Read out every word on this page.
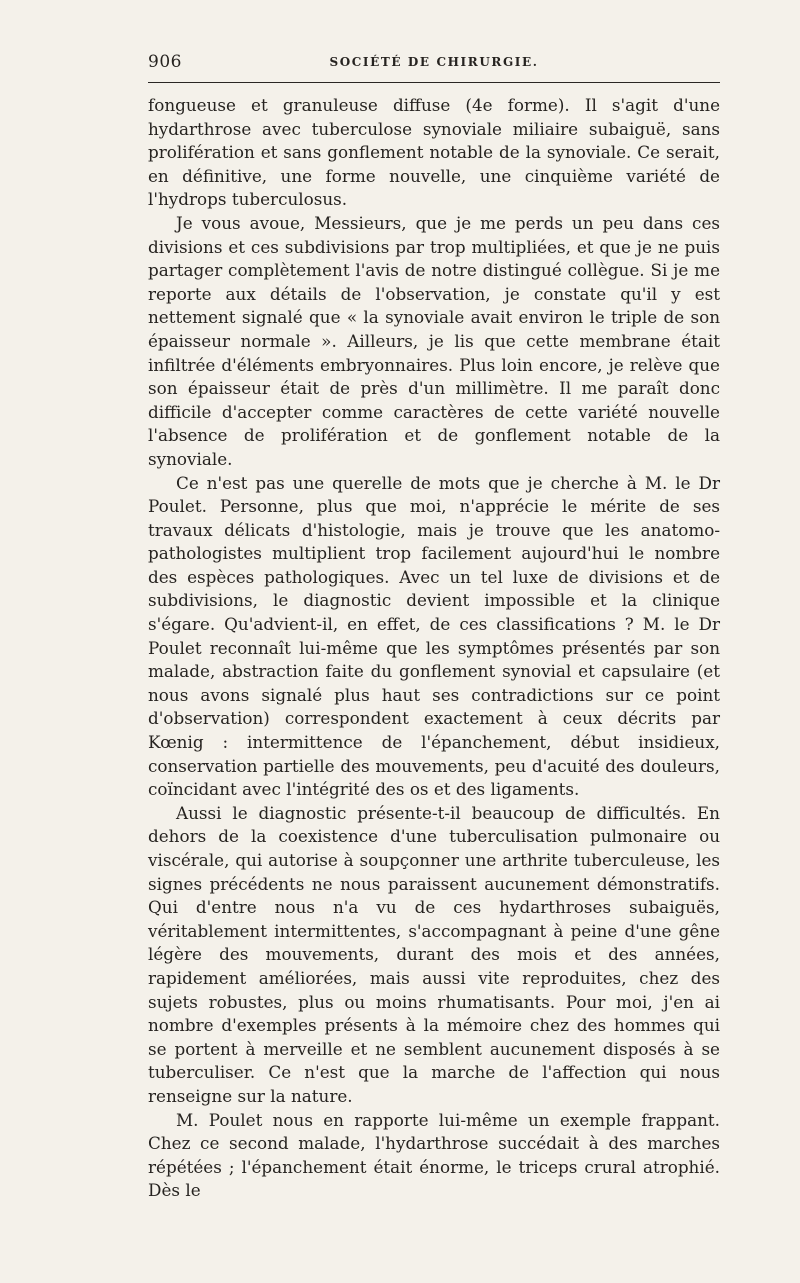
906	SOCIÉTÉ DE CHIRURGIE.

fongueuse et granuleuse diffuse (4e forme). Il s'agit d'une hydarthrose avec tuberculose synoviale miliaire subaiguë, sans prolifération et sans gonflement notable de la synoviale. Ce serait, en définitive, une forme nouvelle, une cinquième variété de l'hydrops tuberculosus.

Je vous avoue, Messieurs, que je me perds un peu dans ces divisions et ces subdivisions par trop multipliées, et que je ne puis partager complètement l'avis de notre distingué collègue. Si je me reporte aux détails de l'observation, je constate qu'il y est nettement signalé que « la synoviale avait environ le triple de son épaisseur normale ». Ailleurs, je lis que cette membrane était infiltrée d'éléments embryonnaires. Plus loin encore, je relève que son épaisseur était de près d'un millimètre. Il me paraît donc difficile d'accepter comme caractères de cette variété nouvelle l'absence de prolifération et de gonflement notable de la synoviale.

Ce n'est pas une querelle de mots que je cherche à M. le Dr Poulet. Personne, plus que moi, n'apprécie le mérite de ses travaux délicats d'histologie, mais je trouve que les anatomo-pathologistes multiplient trop facilement aujourd'hui le nombre des espèces pathologiques. Avec un tel luxe de divisions et de subdivisions, le diagnostic devient impossible et la clinique s'égare. Qu'advient-il, en effet, de ces classifications ? M. le Dr Poulet reconnaît lui-même que les symptômes présentés par son malade, abstraction faite du gonflement synovial et capsulaire (et nous avons signalé plus haut ses contradictions sur ce point d'observation) correspondent exactement à ceux décrits par Kœnig : intermittence de l'épanchement, début insidieux, conservation partielle des mouvements, peu d'acuité des douleurs, coïncidant avec l'intégrité des os et des ligaments.

Aussi le diagnostic présente-t-il beaucoup de difficultés. En dehors de la coexistence d'une tuberculisation pulmonaire ou viscérale, qui autorise à soupçonner une arthrite tuberculeuse, les signes précédents ne nous paraissent aucunement démonstratifs. Qui d'entre nous n'a vu de ces hydarthroses subaiguës, véritablement intermittentes, s'accompagnant à peine d'une gêne légère des mouvements, durant des mois et des années, rapidement améliorées, mais aussi vite reproduites, chez des sujets robustes, plus ou moins rhumatisants. Pour moi, j'en ai nombre d'exemples présents à la mémoire chez des hommes qui se portent à merveille et ne semblent aucunement disposés à se tuberculiser. Ce n'est que la marche de l'affection qui nous renseigne sur la nature.

M. Poulet nous en rapporte lui-même un exemple frappant. Chez ce second malade, l'hydarthrose succédait à des marches répétées ; l'épanchement était énorme, le triceps crural atrophié. Dès le
